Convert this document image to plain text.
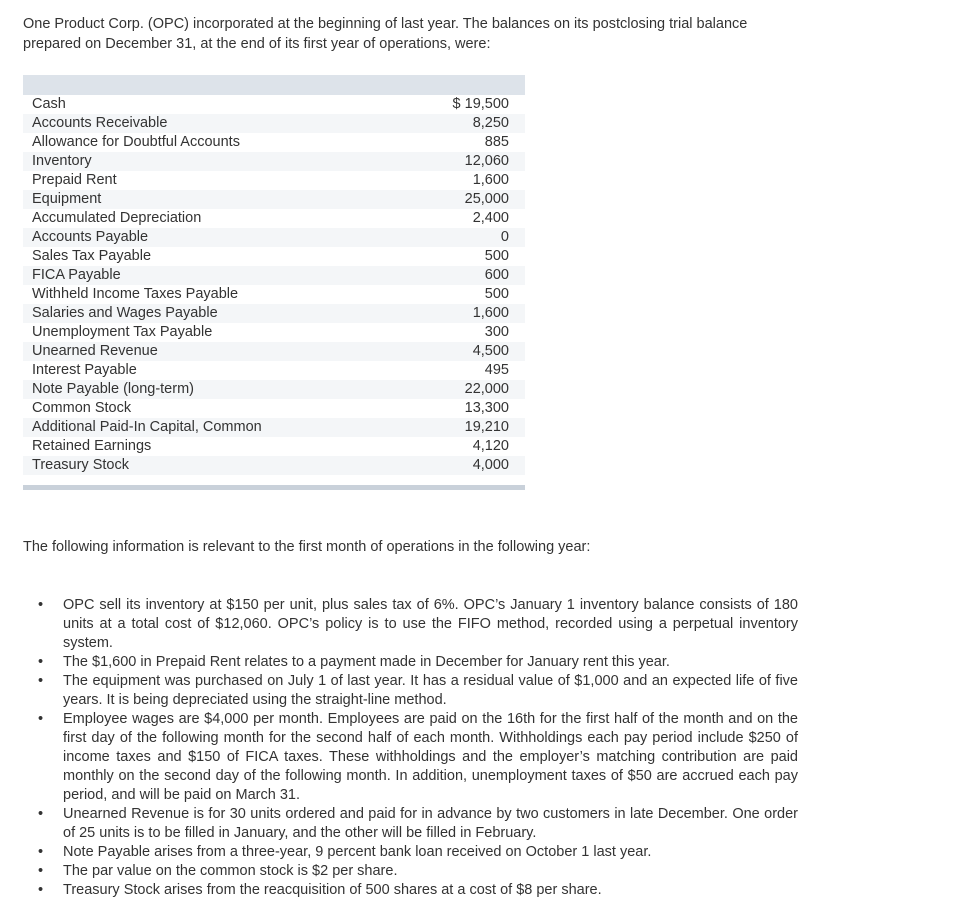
One Product Corp. (OPC) incorporated at the beginning of last year. The balances on its postclosing trial balance prepared on December 31, at the end of its first year of operations, were:

Cash	$ 19,500
Accounts Receivable	8,250
Allowance for Doubtful Accounts	885
Inventory	12,060
Prepaid Rent	1,600
Equipment	25,000
Accumulated Depreciation	2,400
Accounts Payable	0
Sales Tax Payable	500
FICA Payable	600
Withheld Income Taxes Payable	500
Salaries and Wages Payable	1,600
Unemployment Tax Payable	300
Unearned Revenue	4,500
Interest Payable	495
Note Payable (long-term)	22,000
Common Stock	13,300
Additional Paid-In Capital, Common	19,210
Retained Earnings	4,120
Treasury Stock	4,000

The following information is relevant to the first month of operations in the following year:

• OPC sell its inventory at $150 per unit, plus sales tax of 6%. OPC’s January 1 inventory balance consists of 180 units at a total cost of $12,060. OPC’s policy is to use the FIFO method, recorded using a perpetual inventory system.
• The $1,600 in Prepaid Rent relates to a payment made in December for January rent this year.
• The equipment was purchased on July 1 of last year. It has a residual value of $1,000 and an expected life of five years. It is being depreciated using the straight-line method.
• Employee wages are $4,000 per month. Employees are paid on the 16th for the first half of the month and on the first day of the following month for the second half of each month. Withholdings each pay period include $250 of income taxes and $150 of FICA taxes. These withholdings and the employer’s matching contribution are paid monthly on the second day of the following month. In addition, unemployment taxes of $50 are accrued each pay period, and will be paid on March 31.
• Unearned Revenue is for 30 units ordered and paid for in advance by two customers in late December. One order of 25 units is to be filled in January, and the other will be filled in February.
• Note Payable arises from a three-year, 9 percent bank loan received on October 1 last year.
• The par value on the common stock is $2 per share.
• Treasury Stock arises from the reacquisition of 500 shares at a cost of $8 per share.
